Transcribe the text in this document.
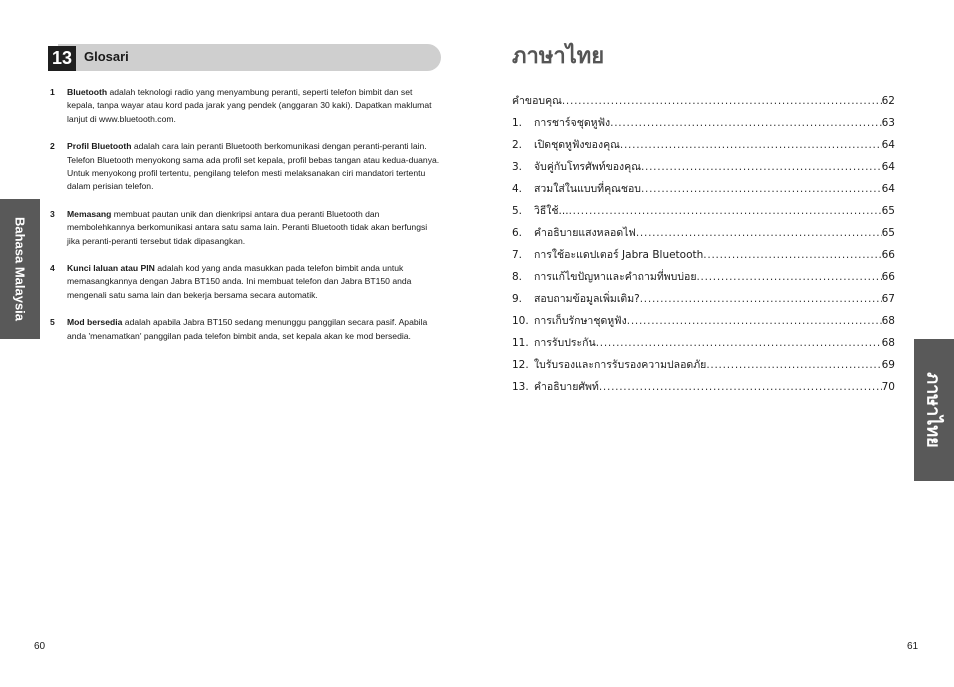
13 Glosari
1 Bluetooth adalah teknologi radio yang menyambung peranti, seperti telefon bimbit dan set kepala, tanpa wayar atau kord pada jarak yang pendek (anggaran 30 kaki). Dapatkan maklumat lanjut di www.bluetooth.com.
2 Profil Bluetooth adalah cara lain peranti Bluetooth berkomunikasi dengan peranti-peranti lain. Telefon Bluetooth menyokong sama ada profil set kepala, profil bebas tangan atau kedua-duanya. Untuk menyokong profil tertentu, pengilang telefon mesti melaksanakan ciri mandatori tertentu dalam perisian telefon.
3 Memasang membuat pautan unik dan dienkripsi antara dua peranti Bluetooth dan membolehkannya berkomunikasi antara satu sama lain. Peranti Bluetooth tidak akan berfungsi jika peranti-peranti tersebut tidak dipasangkan.
4 Kunci laluan atau PIN adalah kod yang anda masukkan pada telefon bimbit anda untuk memasangkannya dengan Jabra BT150 anda. Ini membuat telefon dan Jabra BT150 anda mengenali satu sama lain dan bekerja bersama secara automatik.
5 Mod bersedia adalah apabila Jabra BT150 sedang menunggu panggilan secara pasif. Apabila anda 'menamatkan' panggilan pada telefon bimbit anda, set kepala akan ke mod bersedia.
Bahasa Malaysia
60
ภาษาไทย
คำขอบคุณ . . .	62
1.	การชาร์จชุดหูฟัง . . .	63
2.	เปิดชุดหูฟังของคุณ . . .	64
3.	จับคู่กับโทรศัพท์ของคุณ . . .	64
4.	สวมใส่ในแบบที่คุณชอบ . . .	64
5.	วิธีใช้... . . .	65
6.	คำอธิบายแสงหลอดไฟ . . .	65
7.	การใช้อะแดปเตอร์ Jabra Bluetooth . . .	66
8.	การแก้ไขปัญหาและคำถามที่พบบ่อย . . .	66
9.	สอบถามข้อมูลเพิ่มเติม? . . .	67
10. การเก็บรักษาชุดหูฟัง . . .	68
11. การรับประกัน . . .	68
12. ใบรับรองและการรับรองความปลอดภัย . . .	69
13. คำอธิบายศัพท์ . . .	70 ภาษาไทย
61
